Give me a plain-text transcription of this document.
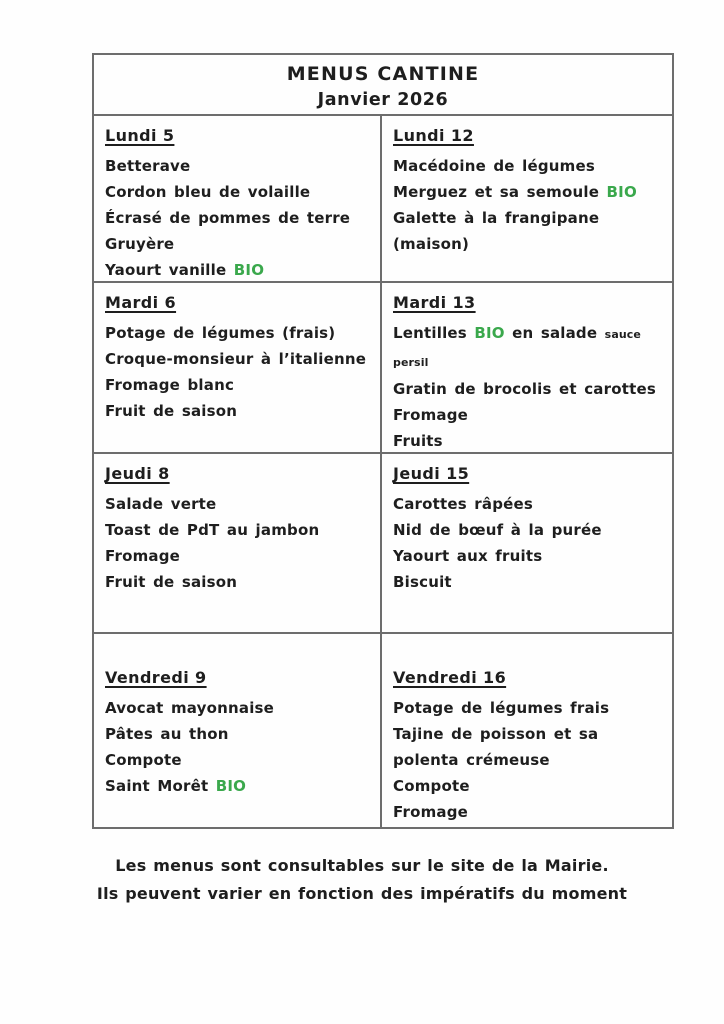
MENUS CANTINE
Janvier 2026
Lundi 5
Betterave
Cordon bleu de volaille
Écrasé de pommes de terre
Gruyère
Yaourt vanille BIO
Lundi 12
Macédoine de légumes
Merguez et sa semoule BIO
Galette à la frangipane (maison)
Mardi 6
Potage de légumes (frais)
Croque-monsieur à l’italienne
Fromage blanc
Fruit de saison
Mardi 13
Lentilles BIO en salade sauce persil
Gratin de brocolis et carottes
Fromage
Fruits
Jeudi 8
Salade verte
Toast de PdT au jambon
Fromage
Fruit de saison
Jeudi 15
Carottes râpées
Nid de bœuf à la purée
Yaourt aux fruits
Biscuit
Vendredi 9
Avocat mayonnaise
Pâtes au thon
Compote
Saint Morêt BIO
Vendredi 16
Potage de légumes frais
Tajine de poisson et sa polenta crémeuse
Compote
Fromage
Les menus sont consultables sur le site de la Mairie.
Ils peuvent varier en fonction des impératifs du moment
